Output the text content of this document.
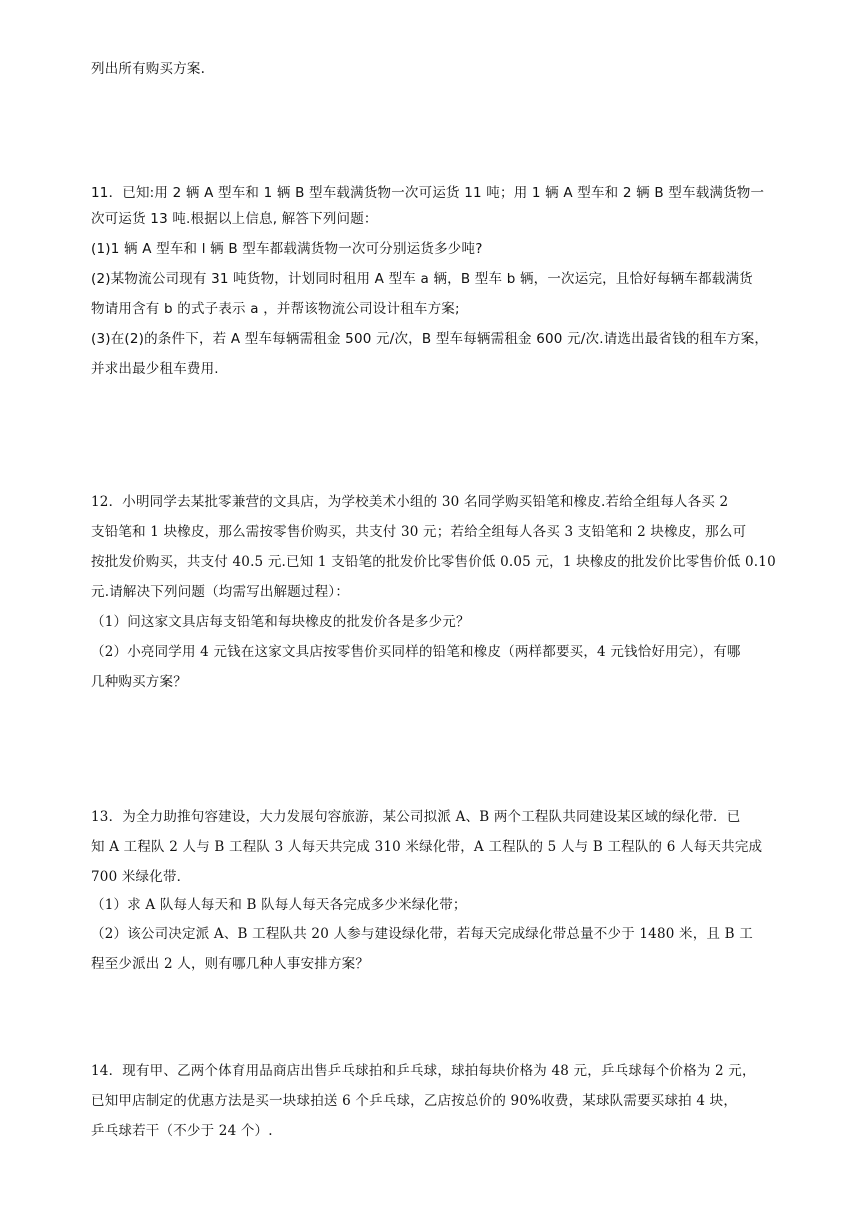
列出所有购买方案.
11．已知:用 2 辆 A 型车和 1 辆 B 型车载满货物一次可运货 11 吨；用 1 辆 A 型车和 2 辆 B 型车载满货物一
次可运货 13 吨.根据以上信息, 解答下列问题：
(1)1 辆 A 型车和 l 辆 B 型车都载满货物一次可分别运货多少吨?
(2)某物流公司现有 31 吨货物，计划同时租用 A 型车 a 辆，B 型车 b 辆，一次运完，且恰好每辆车都载满货
物请用含有 b 的式子表示 a ，并帮该物流公司设计租车方案;
(3)在(2)的条件下，若 A 型车每辆需租金 500 元/次，B 型车每辆需租金 600 元/次.请选出最省钱的租车方案，
并求出最少租车费用.
12．小明同学去某批零兼营的文具店，为学校美术小组的 30 名同学购买铅笔和橡皮.若给全组每人各买 2
支铅笔和 1 块橡皮，那么需按零售价购买，共支付 30 元；若给全组每人各买 3 支铅笔和 2 块橡皮，那么可
按批发价购买，共支付 40.5 元.已知 1 支铅笔的批发价比零售价低 0.05 元，1 块橡皮的批发价比零售价低 0.10
元.请解决下列问题（均需写出解题过程）：
（1）问这家文具店每支铅笔和每块橡皮的批发价各是多少元？
（2）小亮同学用 4 元钱在这家文具店按零售价买同样的铅笔和橡皮（两样都要买，4 元钱恰好用完），有哪
几种购买方案？
13．为全力助推句容建设，大力发展句容旅游，某公司拟派 A、B 两个工程队共同建设某区域的绿化带．已
知 A 工程队 2 人与 B 工程队 3 人每天共完成 310 米绿化带，A 工程队的 5 人与 B 工程队的 6 人每天共完成
700 米绿化带．
（1）求 A 队每人每天和 B 队每人每天各完成多少米绿化带；
（2）该公司决定派 A、B 工程队共 20 人参与建设绿化带，若每天完成绿化带总量不少于 1480 米，且 B 工
程至少派出 2 人，则有哪几种人事安排方案？
14．现有甲、乙两个体育用品商店出售乒乓球拍和乒乓球，球拍每块价格为 48 元，乒乓球每个价格为 2 元，
已知甲店制定的优惠方法是买一块球拍送 6 个乒乓球，乙店按总价的 90%收费，某球队需要买球拍 4 块，
乒乓球若干（不少于 24 个）.
